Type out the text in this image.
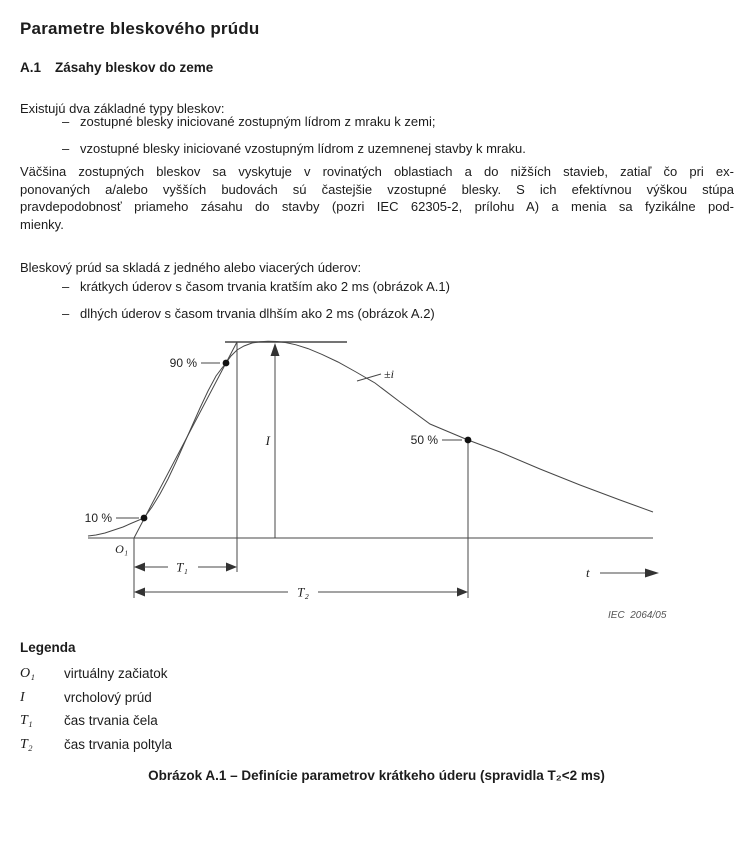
Parametre bleskového prúdu
A.1 Zásahy bleskov do zeme

Existujú dva základné typy bleskov:

– zostupné blesky iniciované zostupným lídrom z mraku k zemi;
– vzostupné blesky iniciované vzostupným lídrom z uzemnenej stavby k mraku.
Väčšina zostupných bleskov sa vyskytuje v rovinatých oblastiach a do nižších stavieb, zatiaľ čo pri ex-
ponovaných a/alebo vyšších budovách sú častejšie vzostupné blesky. S ich efektívnou výškou stúpa
pravdepodobnosť priameho zásahu do stavby (pozri IEC 62305-2, prílohu A) a menia sa fyzikálne pod-
mienky.

Bleskový prúd sa skladá z jedného alebo viacerých úderov:

– krátkych úderov s časom trvania kratším ako 2 ms (obrázok A.1)
– dlhých úderov s časom trvania dlhším ako 2 ms (obrázok A.2)
90 %
10 %
50 %
I
±i
O₁
T₁
T₂
t
IEC  2064/05
Legenda
O₁	virtuálny začiatok
I	vrcholový prúd
T₁	čas trvania čela
T₂	čas trvania poltyla
Obrázok A.1 – Definície parametrov krátkeho úderu (spravidla T₂<2 ms)
